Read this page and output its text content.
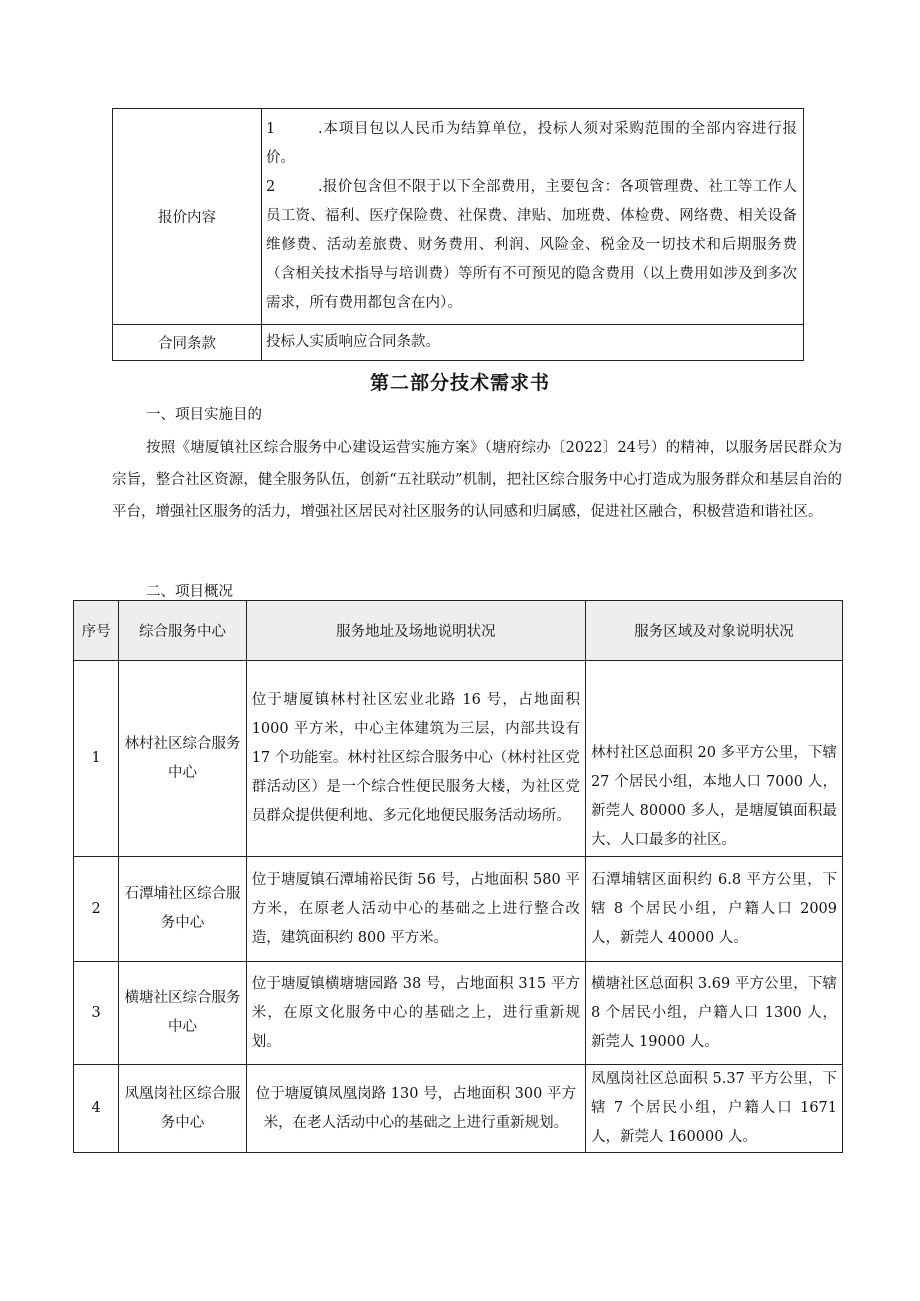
报价内容	1 .本项目包以人民币为结算单位，投标人须对采购范围的全部内容进行报价。

2 .报价包含但不限于以下全部费用，主要包含：各项管理费、社工等工作人员工资、福利、医疗保险费、社保费、津贴、加班费、体检费、网络费、相关设备维修费、活动差旅费、财务费用、利润、风险金、税金及一切技术和后期服务费（含相关技术指导与培训费）等所有不可预见的隐含费用（以上费用如涉及到多次需求，所有费用都包含在内）。

合同条款	投标人实质响应合同条款。
第二部分技术需求书
一、项目实施目的

按照《塘厦镇社区综合服务中心建设运营实施方案》（塘府综办〔2022〕24号）的精神，以服务居民群众为宗旨，整合社区资源，健全服务队伍，创新“五社联动”机制，把社区综合服务中心打造成为服务群众和基层自治的平台，增强社区服务的活力，增强社区居民对社区服务的认同感和归属感，促进社区融合，积极营造和谐社区。

二、项目概况
序号	综合服务中心	服务地址及场地说明状况	服务区域及对象说明状况
1	林村社区综合服务中心	位于塘厦镇林村社区宏业北路 16 号，占地面积 1000 平方米，中心主体建筑为三层，内部共设有 17 个功能室。林村社区综合服务中心（林村社区党群活动区）是一个综合性便民服务大楼，为社区党员群众提供便利地、多元化地便民服务活动场所。	林村社区总面积 20 多平方公里，下辖 27 个居民小组，本地人口 7000 人，新莞人 80000 多人，是塘厦镇面积最大、人口最多的社区。
2	石潭埔社区综合服务中心	位于塘厦镇石潭埔裕民街 56 号，占地面积 580 平方米，在原老人活动中心的基础之上进行整合改造，建筑面积约 800 平方米。	石潭埔辖区面积约 6.8 平方公里，下辖 8 个居民小组，户籍人口 2009 人，新莞人 40000 人。
3	横塘社区综合服务中心	位于塘厦镇横塘塘园路 38 号，占地面积 315 平方米，在原文化服务中心的基础之上，进行重新规划。	横塘社区总面积 3.69 平方公里，下辖 8 个居民小组，户籍人口 1300 人，新莞人 19000 人。
4	凤凰岗社区综合服务中心	位于塘厦镇凤凰岗路 130 号，占地面积 300 平方米，在老人活动中心的基础之上进行重新规划。	凤凰岗社区总面积 5.37 平方公里，下辖 7 个居民小组，户籍人口 1671 人，新莞人 160000 人。
